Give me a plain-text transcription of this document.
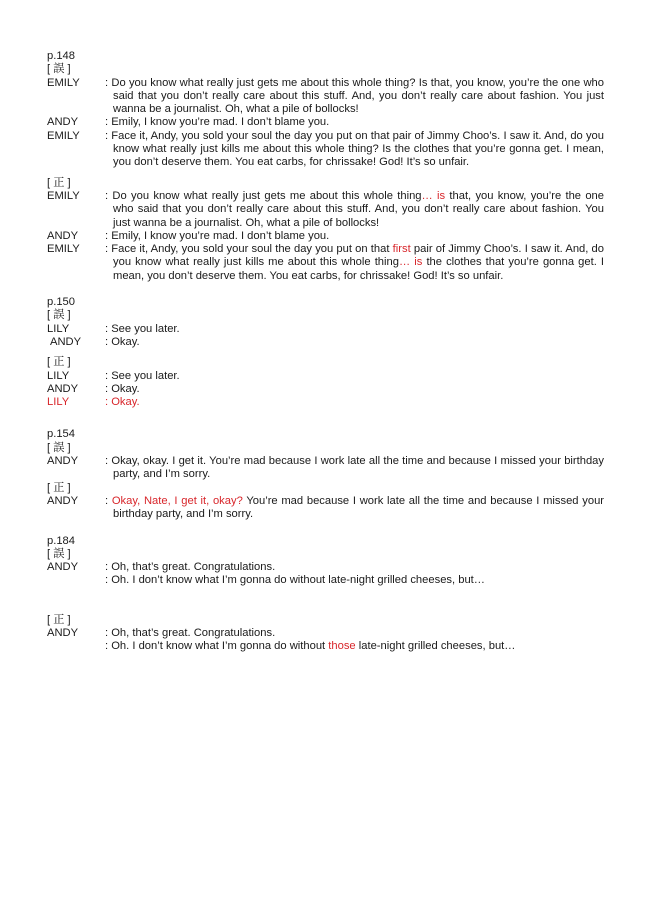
p.148
[ 誤 ]
EMILY	: Do you know what really just gets me about this whole thing? Is that, you know, you’re the one who said that you don’t really care about this stuff. And, you don’t really care about fashion. You just wanna be a journalist. Oh, what a pile of bollocks!
ANDY	: Emily, I know you’re mad. I don’t blame you.
EMILY	: Face it, Andy, you sold your soul the day you put on that pair of Jimmy Choo’s. I saw it. And, do you know what really just kills me about this whole thing? Is the clothes that you’re gonna get. I mean, you don’t deserve them. You eat carbs, for chrissake! God! It’s so unfair.
[ 正 ]
EMILY	: Do you know what really just gets me about this whole thing… is that, you know, you’re the one who said that you don’t really care about this stuff. And, you don’t really care about fashion. You just wanna be a journalist. Oh, what a pile of bollocks!
ANDY	: Emily, I know you’re mad. I don’t blame you.
EMILY	: Face it, Andy, you sold your soul the day you put on that first pair of Jimmy Choo’s. I saw it. And, do you know what really just kills me about this whole thing… is the clothes that you’re gonna get. I mean, you don’t deserve them. You eat carbs, for chrissake! God! It’s so unfair.
p.150
[ 誤 ]
LILY	: See you later.
ANDY	: Okay.
[ 正 ]
LILY	: See you later.
ANDY	: Okay.
LILY	: Okay.
p.154
[ 誤 ]
ANDY	: Okay, okay. I get it. You’re mad because I work late all the time and because I missed your birthday party, and I’m sorry.
[ 正 ]
ANDY	: Okay, Nate, I get it, okay? You’re mad because I work late all the time and because I missed your birthday party, and I’m sorry.
p.184
[ 誤 ]
ANDY	: Oh, that’s great. Congratulations.
: Oh. I don’t know what I’m gonna do without late-night grilled cheeses, but…
[ 正 ]
ANDY	: Oh, that’s great. Congratulations.
: Oh. I don’t know what I’m gonna do without those late-night grilled cheeses, but…
